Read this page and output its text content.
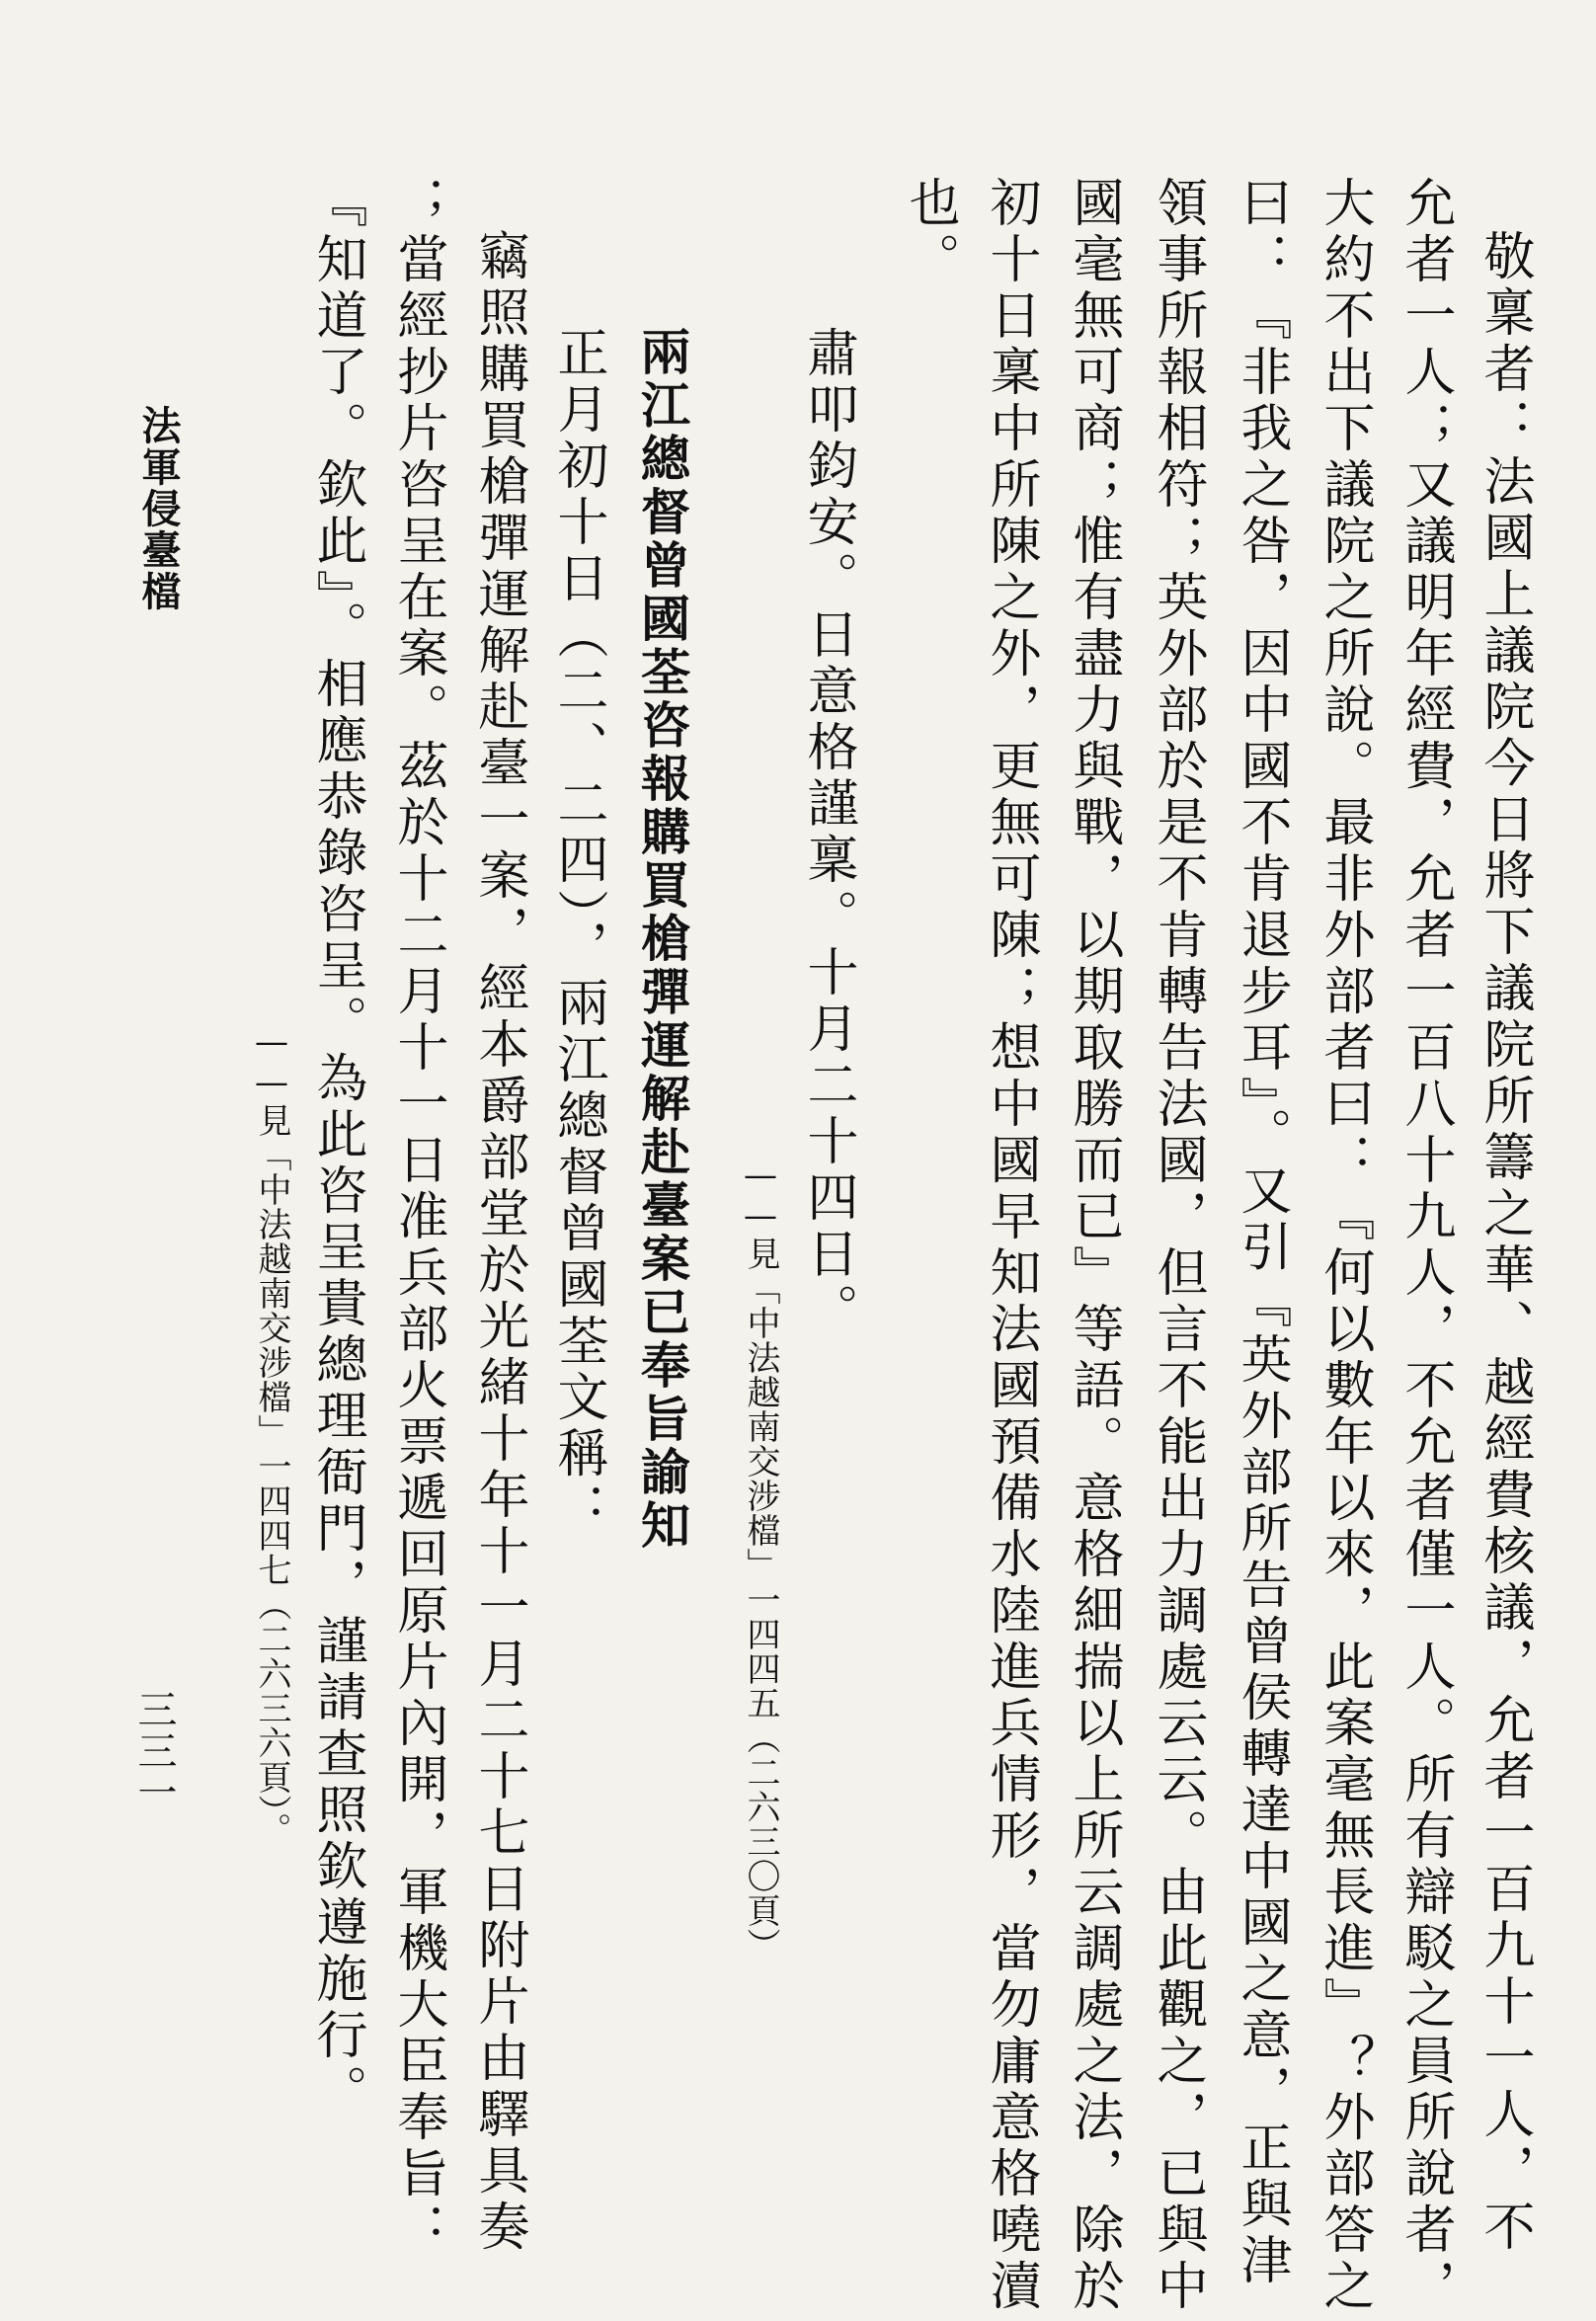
敬稟者：法國上議院今日將下議院所籌之華、越經費核議，允者一百九十一人，不
允者一人；又議明年經費，允者一百八十九人，不允者僅一人。所有辯駁之員所說者，
大約不出下議院之所說。最非外部者曰：『何以數年以來，此案毫無長進』？外部答之
曰：『非我之咎，因中國不肯退步耳』。又引『英外部所告曾侯轉達中國之意，正與津
領事所報相符；英外部於是不肯轉告法國，但言不能出力調處云云。由此觀之，已與中
國毫無可商；惟有盡力與戰，以期取勝而已』等語。意格細揣以上所云調處之法，除於
初十日稟中所陳之外，更無可陳；想中國早知法國預備水陸進兵情形，當勿庸意格嘵瀆
也。
肅叩鈞安。日意格謹稟。十月二十四日。
——見「中法越南交涉檔」一四四五（二六三〇頁）
兩江總督曾國荃咨報購買槍彈運解赴臺案已奉旨諭知
正月初十日（二、二四），兩江總督曾國荃文稱：
竊照購買槍彈運解赴臺一案，經本爵部堂於光緒十年十一月二十七日附片由驛具奏
；當經抄片咨呈在案。茲於十二月十一日准兵部火票遞回原片內開，軍機大臣奉旨：
『知道了。欽此』。相應恭錄咨呈。為此咨呈貴總理衙門，謹請查照欽遵施行。
——見「中法越南交涉檔」一四四七（二六三六頁）。
法軍侵臺檔
三三一
